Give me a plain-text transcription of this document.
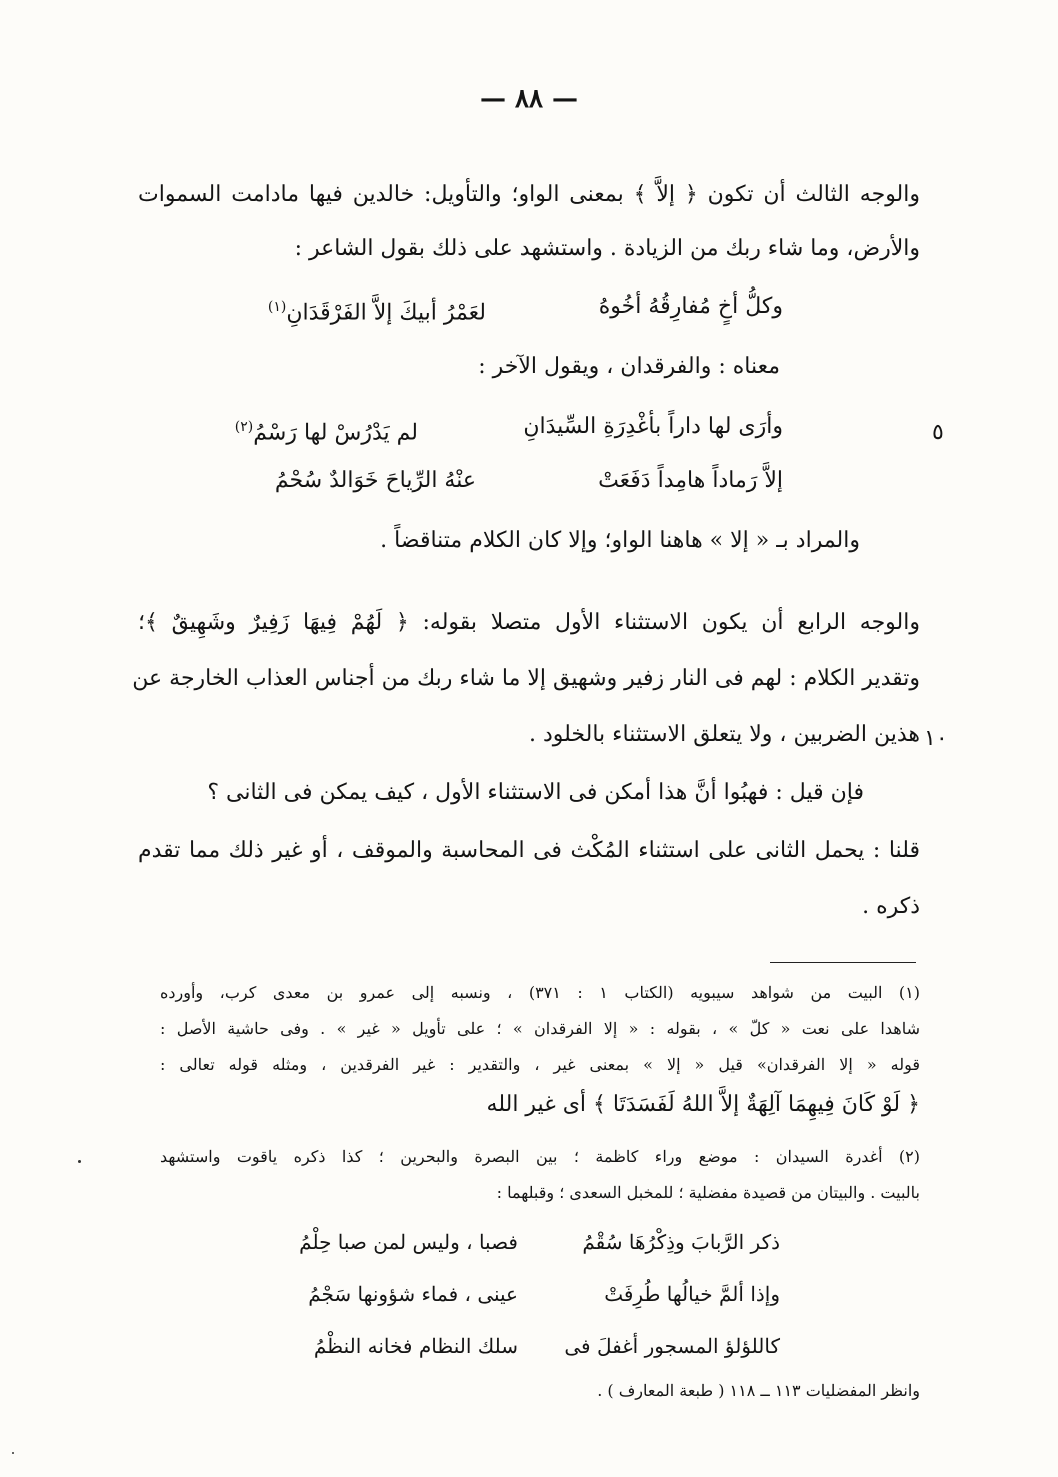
— ٨٨ —
والوجه الثالث أن تكون ﴿ إلاَّ ﴾ بمعنى الواو؛ والتأويل: خالدين فيها مادامت السموات
والأرض، وما شاء ربك من الزيادة . واستشهد على ذلك بقول الشاعر :
وكلُّ أخٍ مُفارِقُهُ أخُوهُ
لعَمْرُ أبيكَ إلاَّ الفَرْقَدَانِ$^{(١)}$
معناه : والفرقدان ، ويقول الآخر :
وأرَى لها داراً بأغْدِرَةِ السِّيدَانِ
لم يَدْرُسْ لها رَسْمُ$^{(٢)}$	٥
إلاَّ رَماداً هامِداً دَفَعَتْ
عنْهُ الرِّياحَ خَوَالدٌ سُحْمُ
والمراد بـ « إلا » هاهنا الواو؛ وإلا كان الكلام متناقضاً .
والوجه الرابع أن يكون الاستثناء الأول متصلا بقوله: ﴿ لَهُمْ فِيهَا زَفِيرٌ وشَهِيقٌ ﴾؛
وتقدير الكلام : لهم فى النار زفير وشهيق إلا ما شاء ربك من أجناس العذاب الخارجة عن
هذين الضربين ، ولا يتعلق الاستثناء بالخلود . ١٠
فإن قيل : فهبُوا أنَّ هذا أمكن فى الاستثناء الأول ، كيف يمكن فى الثانى ؟
قلنا : يحمل الثانى على استثناء المُكْث فى المحاسبة والموقف ، أو غير ذلك مما تقدم
ذكره .
(١) البيت من شواهد سيبويه (الكتاب ١ : ٣٧١) ، ونسبه إلى عمرو بن معدى كرب، وأورده
شاهدا على نعت « كلّ » ، بقوله : « إلا الفرقدان » ؛ على تأويل « غير » . وفى حاشية الأصل :
قوله « إلا الفرقدان» قيل « إلا » بمعنى غير ، والتقدير : غير الفرقدين ، ومثله قوله تعالى :
﴿ لَوْ كَانَ فِيهِمَا آلِهَةٌ إلاَّ اللهُ لَفَسَدَتَا ﴾ أى غير الله
(٢) أغدرة السيدان : موضع وراء كاظمة ؛ بين البصرة والبحرين ؛ كذا ذكره ياقوت واستشهد
بالبيت . والبيتان من قصيدة مفضلية ؛ للمخبل السعدى ؛ وقبلهما :
ذكر الرَّبابَ وذِكْرُهَا سُقْمُ
فصبا ، وليس لمن صبا حِلْمُ
وإذا ألمَّ خيالُها طُرِفَتْ
عينى ، فماء شؤونها سَجْمُ
كاللؤلؤ المسجور أغفلَ فى
سلك النظام فخانه النظْمُ
وانظر المفضليات ١١٣ ــ ١١٨ ( طبعة المعارف ) .
